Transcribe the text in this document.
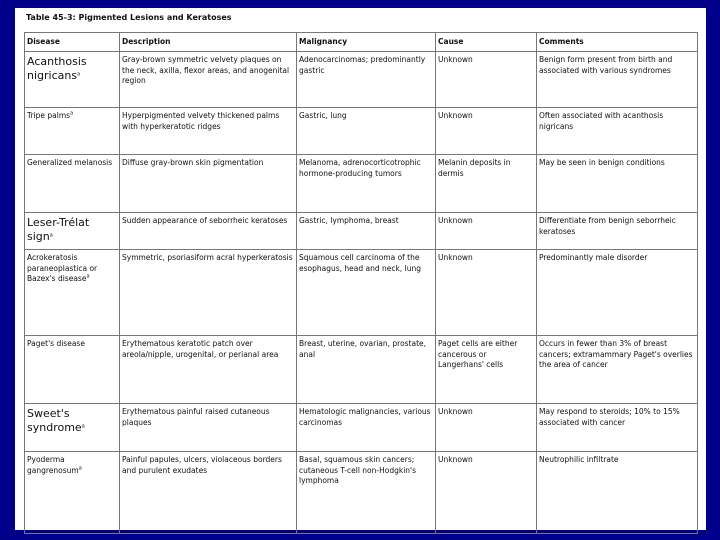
Table 45-3: Pigmented Lesions and Keratoses
Disease	Description	Malignancy	Cause	Comments
Acanthosis nigricans$^a$	Gray-brown symmetric velvety plaques on the neck, axilla, flexor areas, and anogenital region	Adenocarcinomas; predominantly gastric	Unknown	Benign form present from birth and associated with various syndromes
Tripe palms$^a$	Hyperpigmented velvety thickened palms with hyperkeratotic ridges	Gastric, lung	Unknown	Often associated with acanthosis nigricans
Generalized melanosis	Diffuse gray-brown skin pigmentation	Melanoma, adrenocorticotrophic hormone-producing tumors	Melanin deposits in dermis	May be seen in benign conditions
Leser-Trélat sign$^a$	Sudden appearance of seborrheic keratoses	Gastric, lymphoma, breast	Unknown	Differentiate from benign seborrheic keratoses
Acrokeratosis paraneoplastica or Bazex's disease$^a$	Symmetric, psoriasiform acral hyperkeratosis	Squamous cell carcinoma of the esophagus, head and neck, lung	Unknown	Predominantly male disorder
Paget's disease	Erythematous keratotic patch over areola/nipple, urogenital, or perianal area	Breast, uterine, ovarian, prostate, anal	Paget cells are either cancerous or Langerhans' cells	Occurs in fewer than 3% of breast cancers; extramammary Paget's overlies the area of cancer
Sweet's syndrome$^a$	Erythematous painful raised cutaneous plaques	Hematologic malignancies, various carcinomas	Unknown	May respond to steroids; 10% to 15% associated with cancer
Pyoderma gangrenosum$^a$	Painful papules, ulcers, violaceous borders and purulent exudates	Basal, squamous skin cancers; cutaneous T-cell non-Hodgkin's lymphoma	Unknown	Neutrophilic infiltrate
